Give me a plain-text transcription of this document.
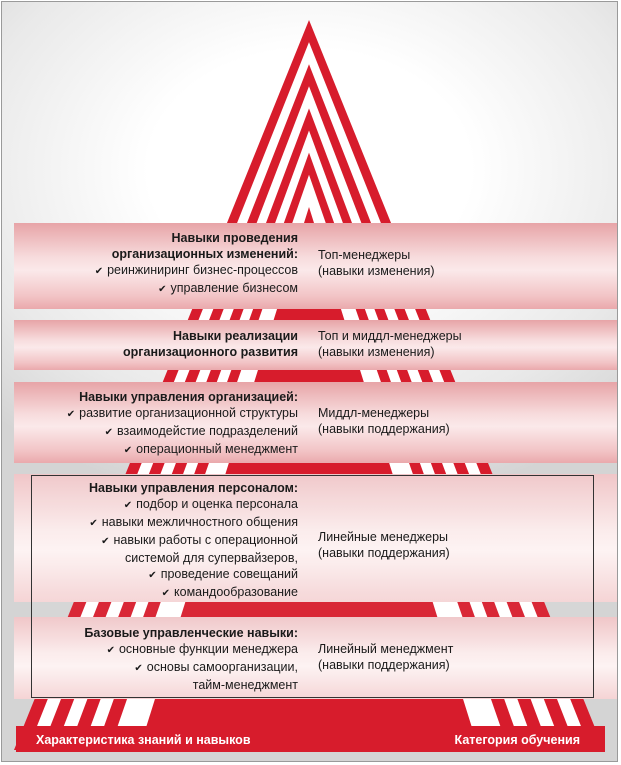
Навыки проведения
организационных изменений:
✔ реинжиниринг бизнес-процессов
✔ управление бизнесом
Топ-менеджеры
(навыки изменения)
Навыки реализации
организационного развития
Топ и миддл-менеджеры
(навыки изменения)
Навыки управления организацией:
✔ развитие организационной структуры
✔ взаимодейстие подразделений
✔ операционный менеджмент
Миддл-менеджеры
(навыки поддержания)
Навыки управления персоналом:
✔ подбор и оценка персонала
✔ навыки межличностного общения
✔ навыки работы с операционной
системой для супервайзеров,
✔ проведение совещаний
✔ командообразование
Линейные менеджеры
(навыки поддержания)
Базовые управленческие навыки:
✔ основные функции менеджера
✔ основы самоорганизации,
тайм-менеджмент
Линейный менеджмент
(навыки поддержания)
Характеристика знаний и навыков	Категория обучения
